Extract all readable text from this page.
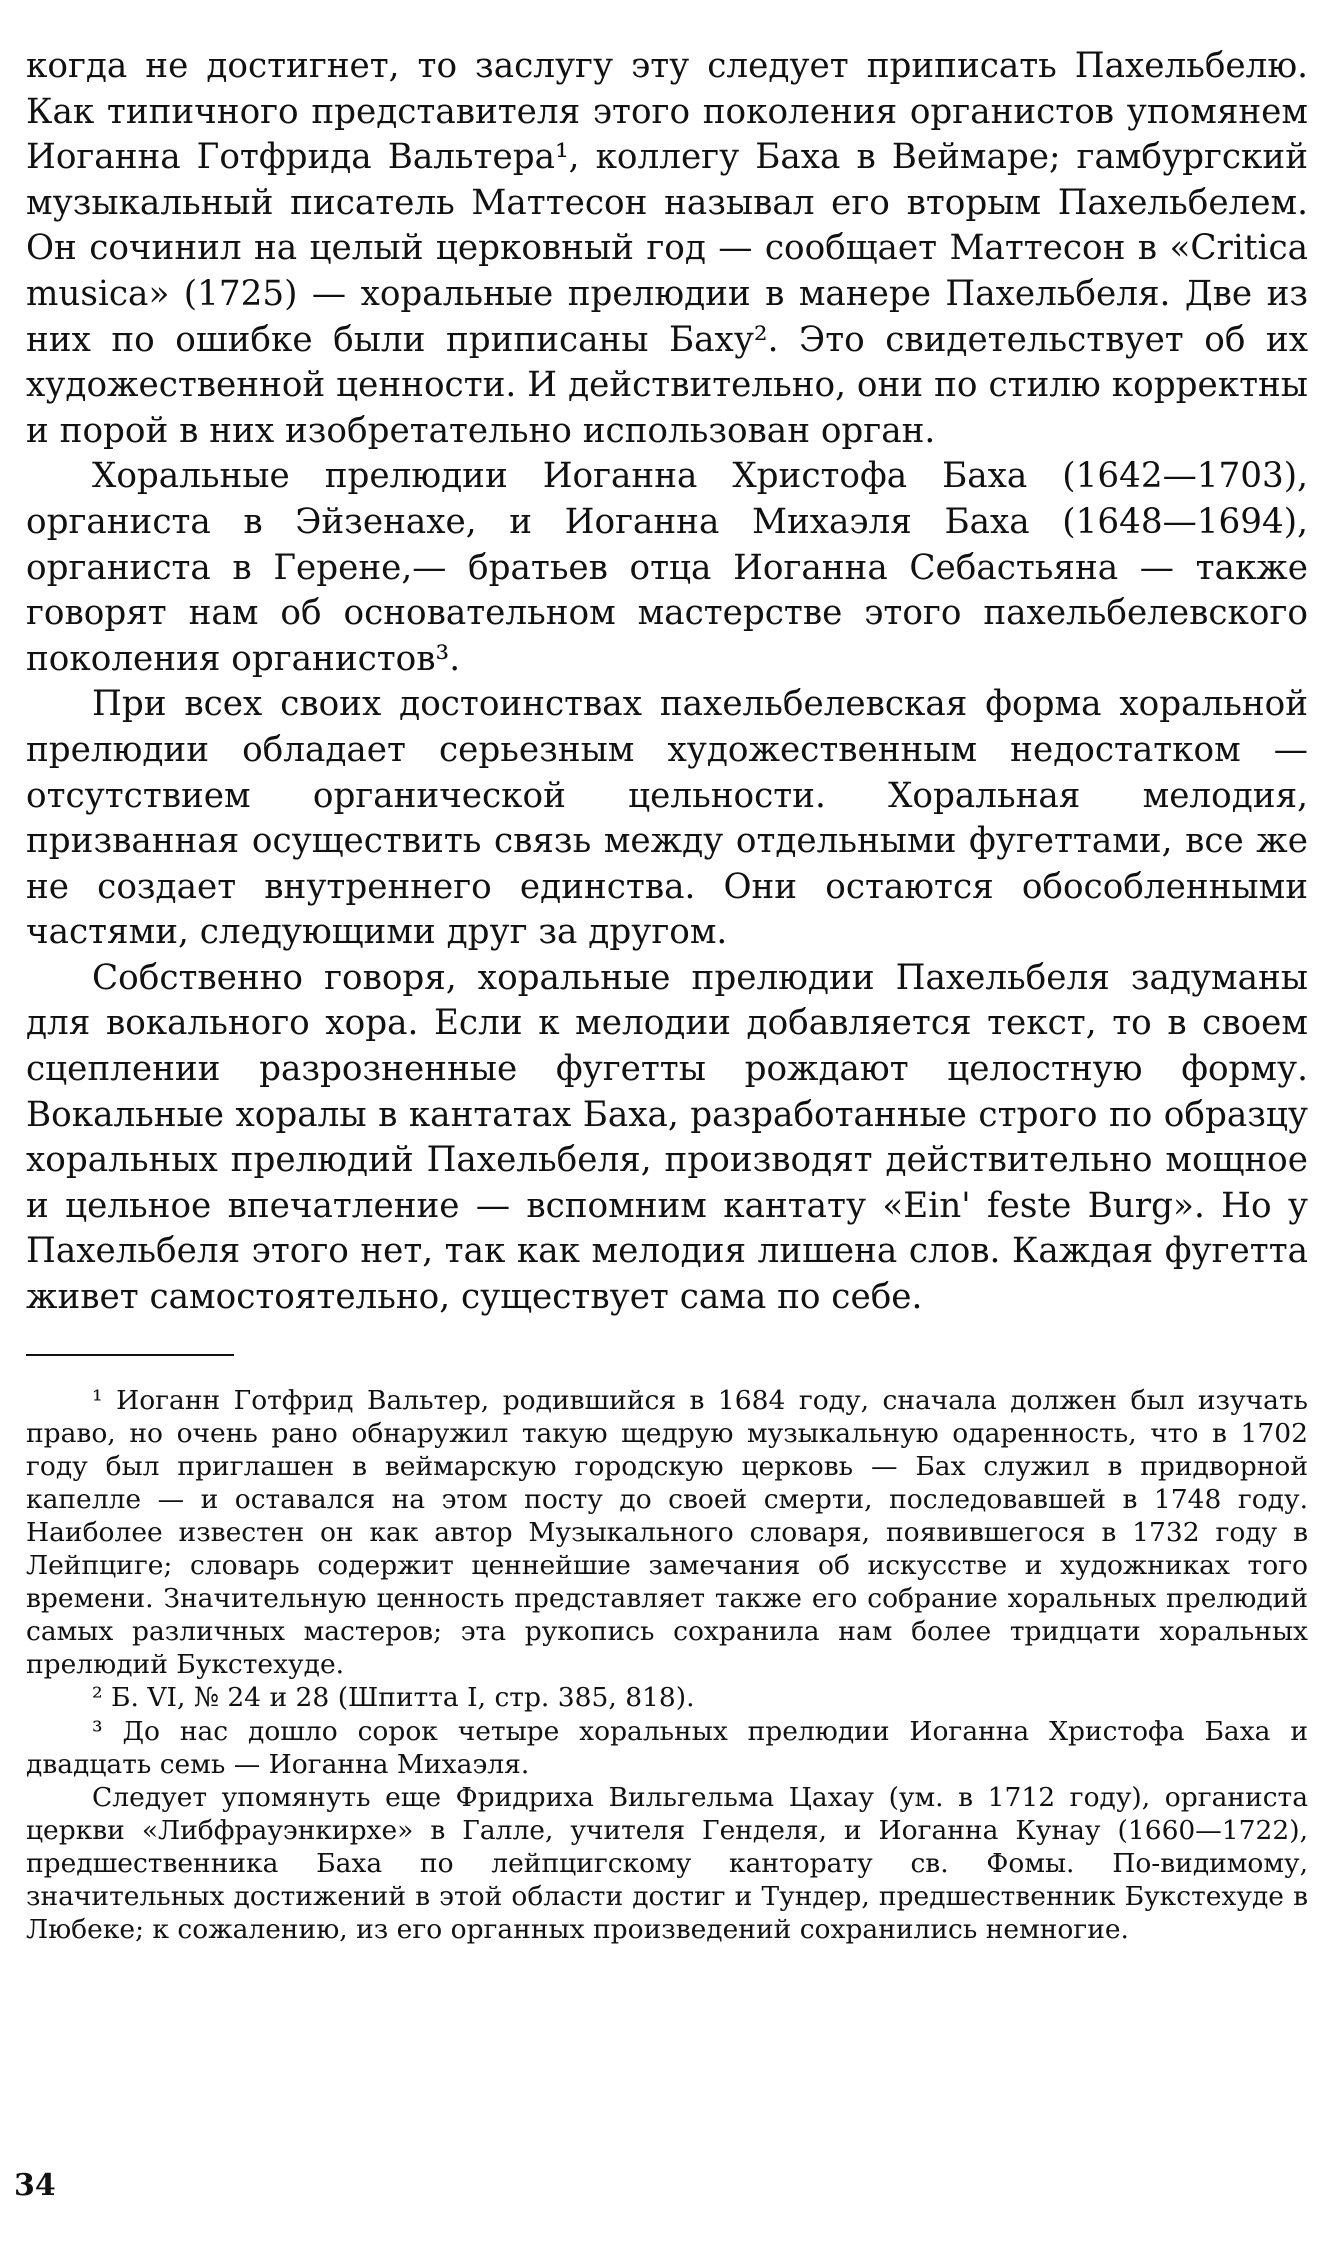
когда не достигнет, то заслугу эту следует приписать Пахельбелю. Как типичного представителя этого поколения органистов упомянем Иоганна Готфрида Вальтера¹, коллегу Баха в Веймаре; гамбургский музыкальный писатель Маттесон называл его вторым Пахельбелем. Он сочинил на целый церковный год — сообщает Маттесон в «Critica musica» (1725) — хоральные прелюдии в манере Пахельбеля. Две из них по ошибке были приписаны Баху². Это свидетельствует об их художественной ценности. И действительно, они по стилю корректны и порой в них изобретательно использован орган.

Хоральные прелюдии Иоганна Христофа Баха (1642—1703), органиста в Эйзенахе, и Иоганна Михаэля Баха (1648—1694), органиста в Герене,— братьев отца Иоганна Себастьяна — также говорят нам об основательном мастерстве этого пахельбелевского поколения органистов³.

При всех своих достоинствах пахельбелевская форма хоральной прелюдии обладает серьезным художественным недостатком — отсутствием органической цельности. Хоральная мелодия, призванная осуществить связь между отдельными фугеттами, все же не создает внутреннего единства. Они остаются обособленными частями, следующими друг за другом.

Собственно говоря, хоральные прелюдии Пахельбеля задуманы для вокального хора. Если к мелодии добавляется текст, то в своем сцеплении разрозненные фугетты рождают целостную форму. Вокальные хоралы в кантатах Баха, разработанные строго по образцу хоральных прелюдий Пахельбеля, производят действительно мощное и цельное впечатление — вспомним кантату «Ein' feste Burg». Но у Пахельбеля этого нет, так как мелодия лишена слов. Каждая фугетта живет самостоятельно, существует сама по себе.

¹ Иоганн Готфрид Вальтер, родившийся в 1684 году, сначала должен был изучать право, но очень рано обнаружил такую щедрую музыкальную одаренность, что в 1702 году был приглашен в веймарскую городскую церковь — Бах служил в придворной капелле — и оставался на этом посту до своей смерти, последовавшей в 1748 году. Наиболее известен он как автор Музыкального словаря, появившегося в 1732 году в Лейпциге; словарь содержит ценнейшие замечания об искусстве и художниках того времени. Значительную ценность представляет также его собрание хоральных прелюдий самых различных мастеров; эта рукопись сохранила нам более тридцати хоральных прелюдий Букстехуде.

² Б. VI, № 24 и 28 (Шпитта I, стр. 385, 818).

³ До нас дошло сорок четыре хоральных прелюдии Иоганна Христофа Баха и двадцать семь — Иоганна Михаэля.

Следует упомянуть еще Фридриха Вильгельма Цахау (ум. в 1712 году), органиста церкви «Либфрауэнкирхе» в Галле, учителя Генделя, и Иоганна Кунау (1660—1722), предшественника Баха по лейпцигскому канторату св. Фомы. По-видимому, значительных достижений в этой области достиг и Тундер, предшественник Букстехуде в Любеке; к сожалению, из его органных произведений сохранились немногие.

34
